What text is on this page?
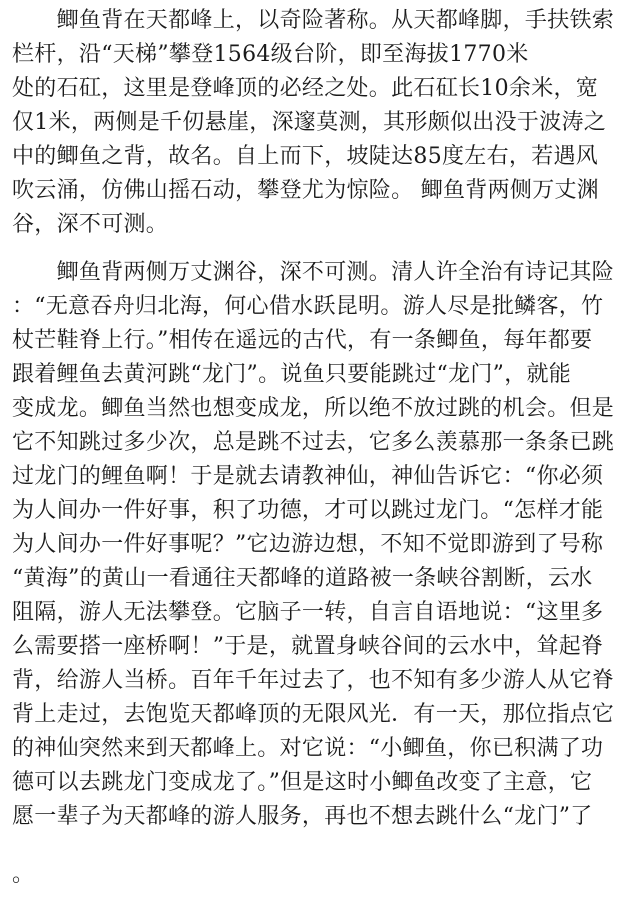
　　鲫鱼背在天都峰上，以奇险著称。从天都峰脚，手扶铁索
栏杆，沿“天梯”攀登1564级台阶，即至海拔1770米
处的石矼，这里是登峰顶的必经之处。此石矼长10余米，宽
仅1米，两侧是千仞悬崖，深邃莫测，其形颇似出没于波涛之
中的鲫鱼之背，故名。自上而下，坡陡达85度左右，若遇风
吹云涌，仿佛山摇石动，攀登尤为惊险。 鲫鱼背两侧万丈渊
谷，深不可测。
　　鲫鱼背两侧万丈渊谷，深不可测。清人许全治有诗记其险
：“无意吞舟归北海，何心借水跃昆明。游人尽是批鳞客，竹
杖芒鞋脊上行。”相传在遥远的古代，有一条鲫鱼，每年都要
跟着鲤鱼去黄河跳“龙门”。说鱼只要能跳过“龙门”，就能
变成龙。鲫鱼当然也想变成龙，所以绝不放过跳的机会。但是
它不知跳过多少次，总是跳不过去，它多么羡慕那一条条已跳
过龙门的鲤鱼啊！于是就去请教神仙，神仙告诉它：“你必须
为人间办一件好事，积了功德，才可以跳过龙门。“怎样才能
为人间办一件好事呢？”它边游边想，不知不觉即游到了号称
“黄海”的黄山一看通往天都峰的道路被一条峡谷割断，云水
阻隔，游人无法攀登。它脑子一转，自言自语地说：“这里多
么需要搭一座桥啊！”于是，就置身峡谷间的云水中，耸起脊
背，给游人当桥。百年千年过去了，也不知有多少游人从它脊
背上走过，去饱览天都峰顶的无限风光．有一天，那位指点它
的神仙突然来到天都峰上。对它说：“小鲫鱼，你已积满了功
德可以去跳龙门变成龙了。”但是这时小鲫鱼改变了主意，它
愿一辈子为天都峰的游人服务，再也不想去跳什么“龙门”了
。
